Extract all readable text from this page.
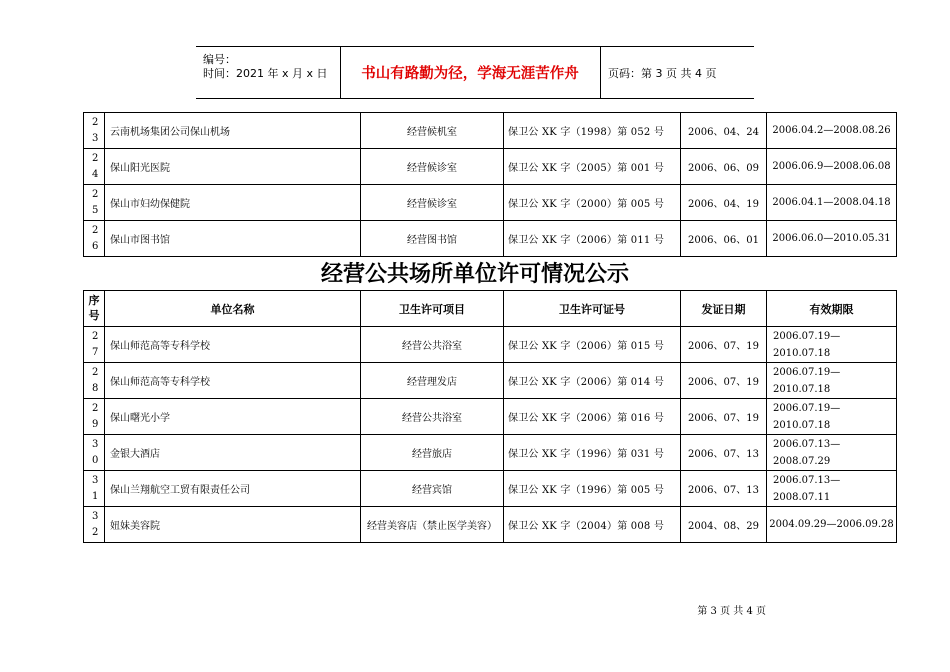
编号：
时间：2021 年 x 月 x 日	书山有路勤为径，学海无涯苦作舟	页码：第 3 页 共 4 页
2
3	云南机场集团公司保山机场	经营候机室	保卫公 XK 字（1998）第 052 号	2006、04、24	2006.04.2—2008.08.26

2
4	保山阳光医院	经营候诊室	保卫公 XK 字（2005）第 001 号	2006、06、09	2006.06.9—2008.06.08

2
5	保山市妇幼保健院	经营候诊室	保卫公 XK 字（2000）第 005 号	2006、04、19	2006.04.1—2008.04.18

2
6	保山市图书馆	经营图书馆	保卫公 XK 字（2006）第 011 号	2006、06、01	2006.06.0—2010.05.31
经营公共场所单位许可情况公示
序
号	单位名称	卫生许可项目	卫生许可证号	发证日期	有效期限

2
7	保山师范高等专科学校	经营公共浴室	保卫公 XK 字（2006）第 015 号	2006、07、19	2006.07.19—
2010.07.18

2
8	保山师范高等专科学校	经营理发店	保卫公 XK 字（2006）第 014 号	2006、07、19	2006.07.19—
2010.07.18

2
9	保山曙光小学	经营公共浴室	保卫公 XK 字（2006）第 016 号	2006、07、19	2006.07.19—
2010.07.18

3
0	金银大酒店	经营旅店	保卫公 XK 字（1996）第 031 号	2006、07、13	2006.07.13—
2008.07.29

3
1	保山兰翔航空工贸有限责任公司	经营宾馆	保卫公 XK 字（1996）第 005 号	2006、07、13	2006.07.13—
2008.07.11

3
2	妞妹美容院	经营美容店（禁止医学美容）	保卫公 XK 字（2004）第 008 号	2004、08、29	2004.09.29—2006.09.28
第 3 页 共 4 页
